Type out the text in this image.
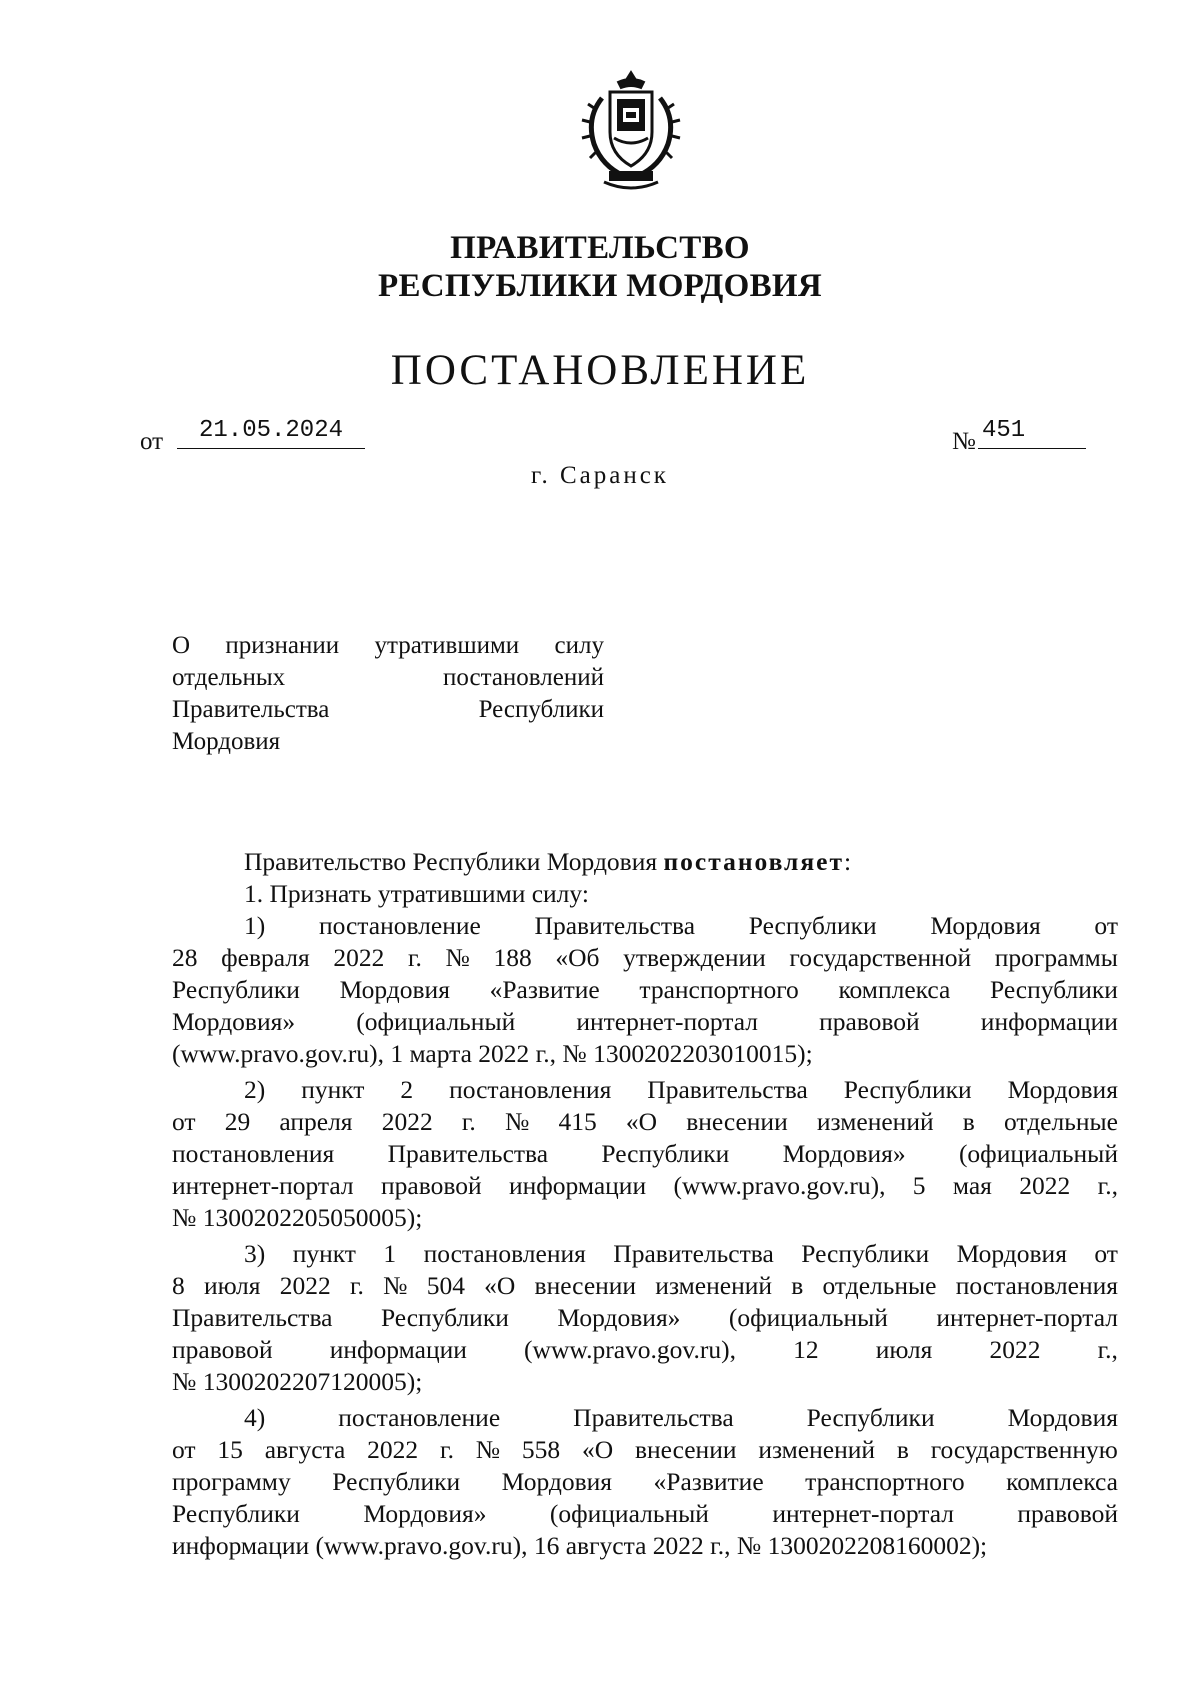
ПРАВИТЕЛЬСТВО
РЕСПУБЛИКИ МОРДОВИЯ
ПОСТАНОВЛЕНИЕ
от	21.05.2024	№ 451
г. Саранск
О признании утратившими силу
отдельных	постановлений
Правительства	Республики
Мордовия
Правительство Республики Мордовия
постановляет :
1. Признать утратившими силу:
1) постановление Правительства Республики Мордовия от
28 февраля 2022 г. № 188 «Об утверждении государственной программы
Республики Мордовия «Развитие транспортного комплекса Республики
Мордовия» (официальный интернет-портал правовой информации
(www.pravo.gov.ru), 1 марта 2022 г., № 1300202203010015);
2) пункт 2 постановления Правительства Республики Мордовия
от 29 апреля 2022 г. № 415 «О внесении изменений в отдельные
постановления Правительства Республики Мордовия» (официальный
интернет-портал правовой информации (www.pravo.gov.ru), 5 мая 2022 г.,
№ 1300202205050005);
3) пункт 1 постановления Правительства Республики Мордовия от
8 июля 2022 г. № 504 «О внесении изменений в отдельные постановления
Правительства Республики Мордовия» (официальный интернет-портал
правовой информации (www.pravo.gov.ru), 12 июля 2022 г.,
№ 1300202207120005);
4)	постановление	Правительства	Республики	Мордовия
от 15 августа 2022 г. № 558 «О внесении изменений в государственную
программу Республики Мордовия «Развитие транспортного комплекса
Республики Мордовия» (официальный интернет-портал правовой
информации (www.pravo.gov.ru), 16 августа 2022 г., № 1300202208160002);
